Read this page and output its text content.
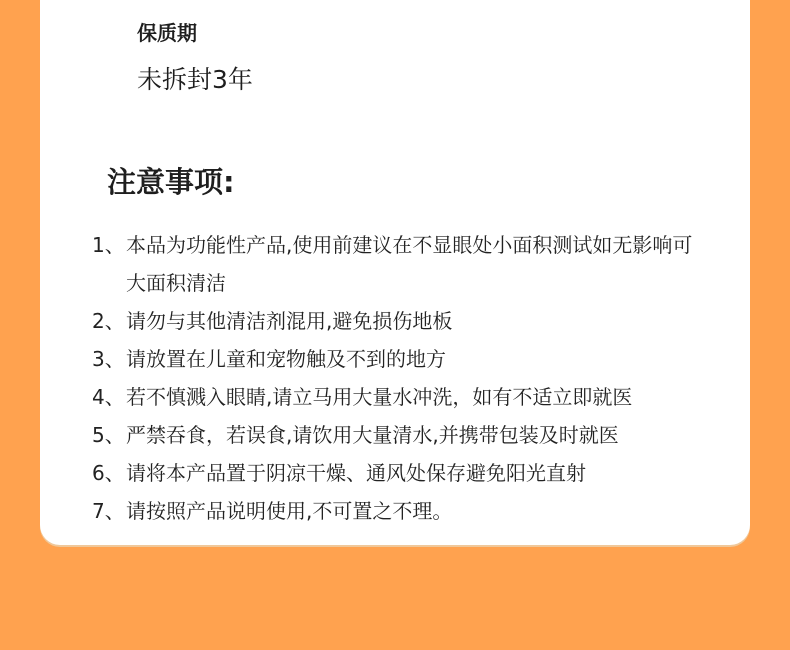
保质期
未拆封3年
注意事项:
1、 本品为功能性产品,使用前建议在不显眼处小面积测试如无影响可大面积清洁
2、 请勿与其他清洁剂混用,避免损伤地板
3、 请放置在儿童和宠物触及不到的地方
4、 若不慎溅入眼睛,请立马用大量水冲洗，如有不适立即就医
5、 严禁吞食，若误食,请饮用大量清水,并携带包装及时就医
6、 请将本产品置于阴凉干燥、通风处保存避免阳光直射
7、 请按照产品说明使用,不可置之不理。
